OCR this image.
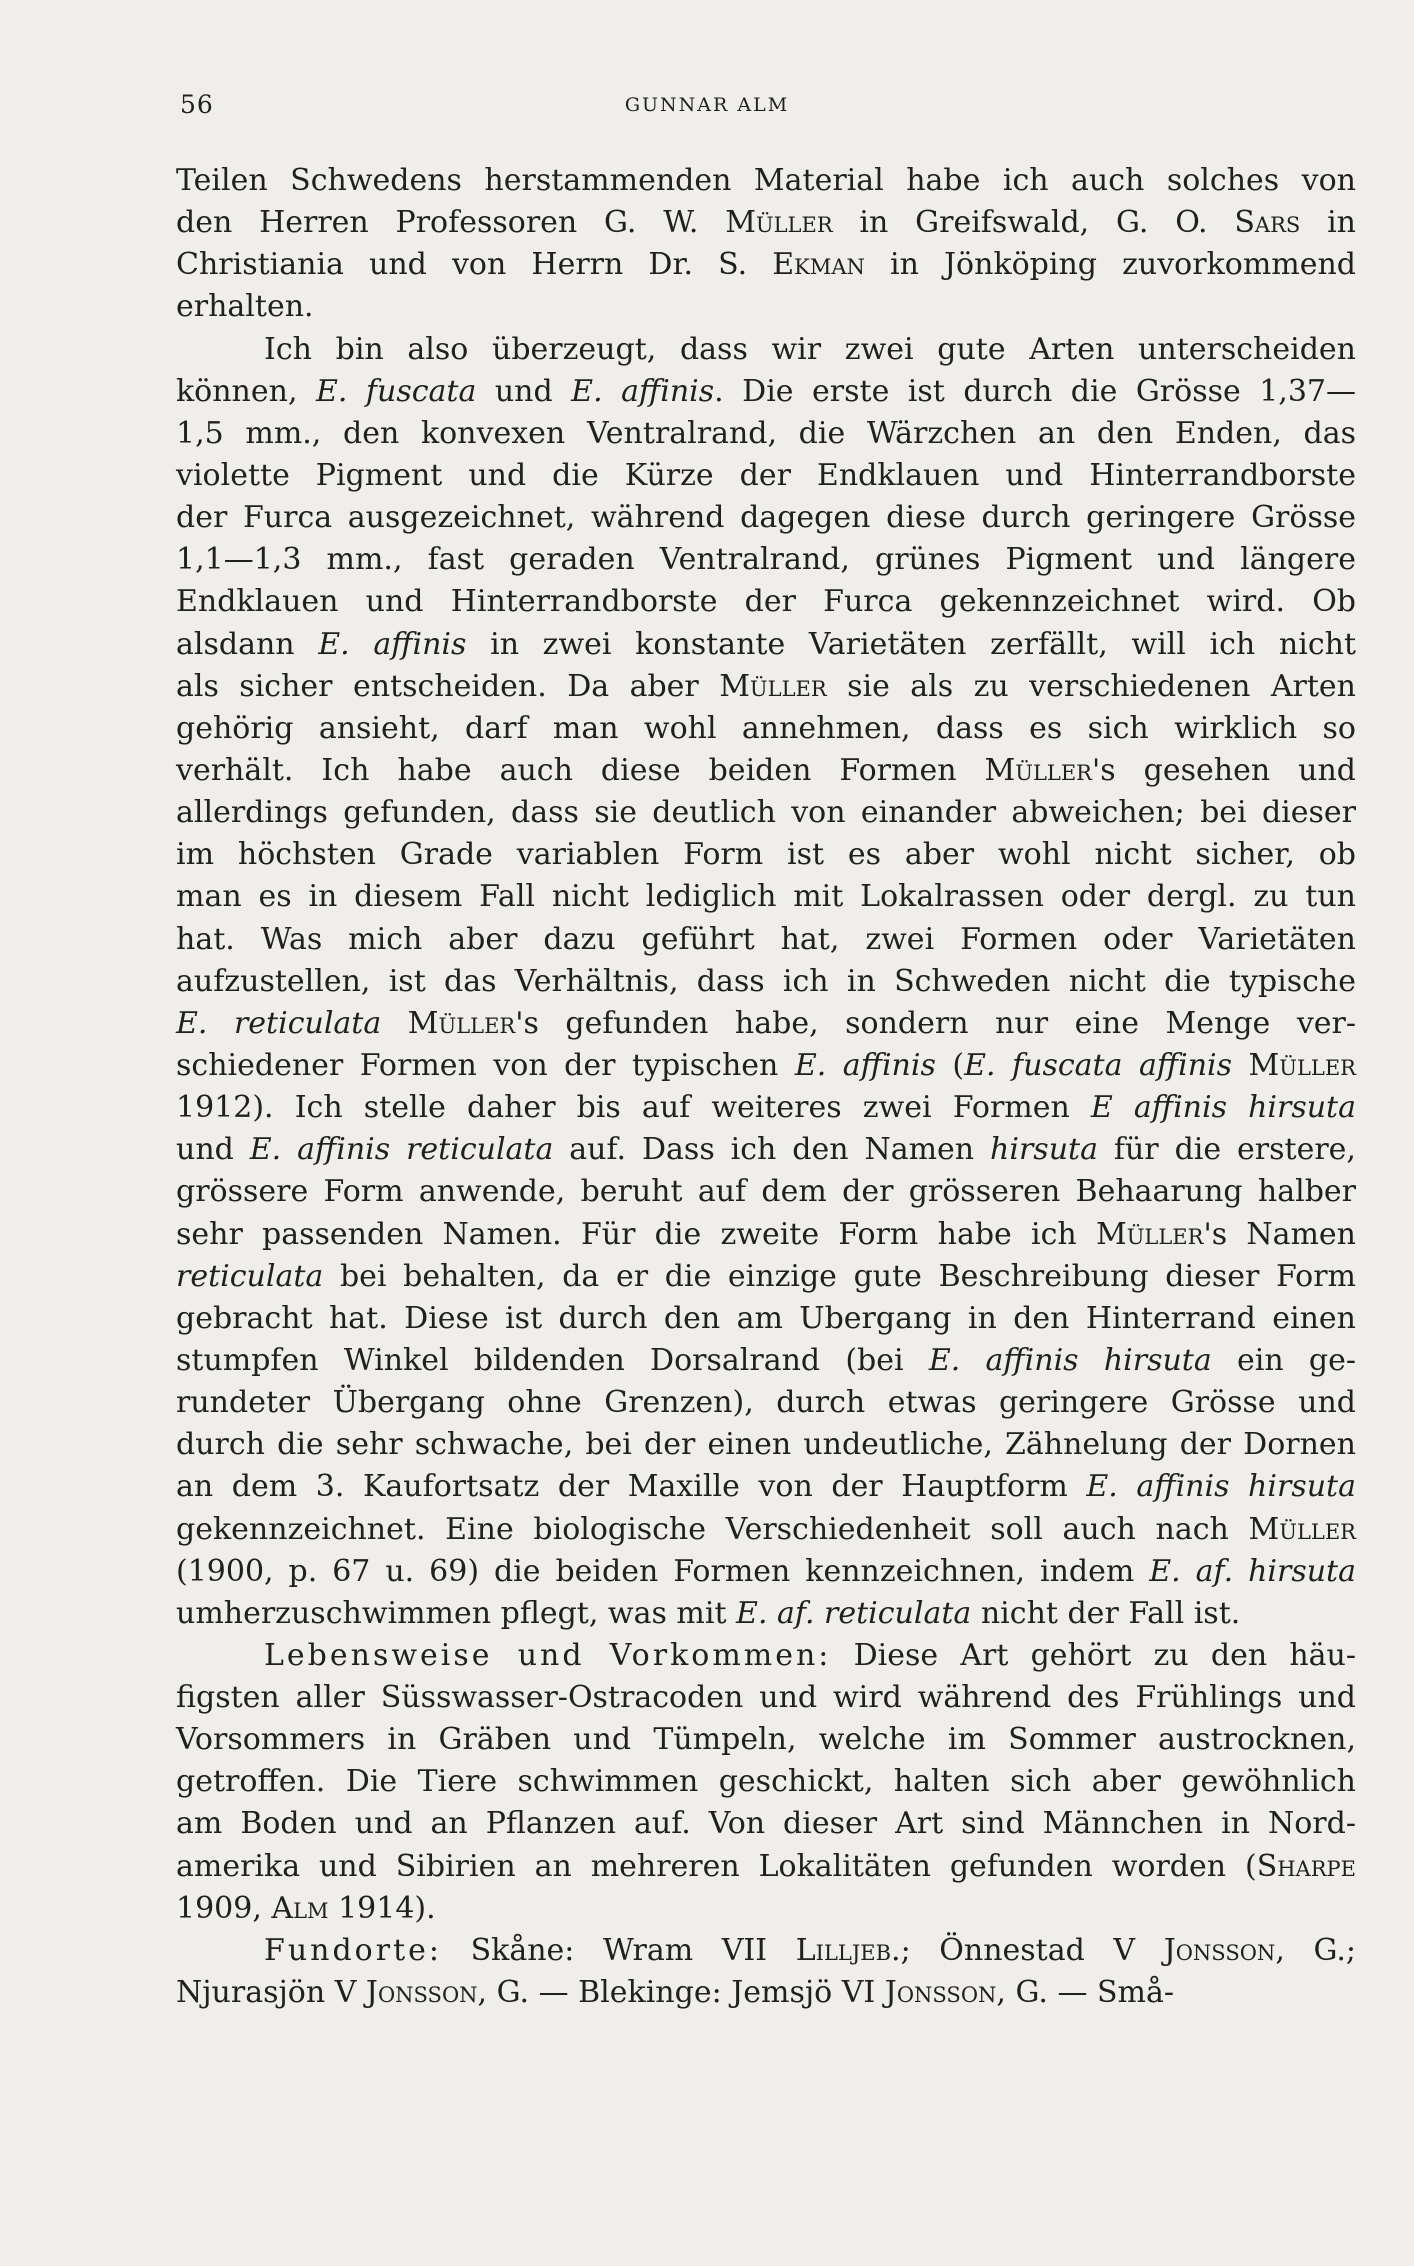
56	GUNNAR ALM
Teilen Schwedens herstammenden Material habe ich auch solches von
den Herren Professoren G. W. Müller in Greifswald, G. O. Sars in
Christiania und von Herrn Dr. S. Ekman in Jönköping zuvorkommend
erhalten.
Ich bin also überzeugt, dass wir zwei gute Arten unterscheiden
können, E. fuscata und E. affinis. Die erste ist durch die Grösse 1,37—
1,5 mm., den konvexen Ventralrand, die Wärzchen an den Enden, das
violette Pigment und die Kürze der Endklauen und Hinterrandborste
der Furca ausgezeichnet, während dagegen diese durch geringere Grösse
1,1—1,3 mm., fast geraden Ventralrand, grünes Pigment und längere
Endklauen und Hinterrandborste der Furca gekennzeichnet wird. Ob
alsdann E. affinis in zwei konstante Varietäten zerfällt, will ich nicht
als sicher entscheiden. Da aber Müller sie als zu verschiedenen Arten
gehörig ansieht, darf man wohl annehmen, dass es sich wirklich so
verhält. Ich habe auch diese beiden Formen Müller's gesehen und
allerdings gefunden, dass sie deutlich von einander abweichen; bei dieser
im höchsten Grade variablen Form ist es aber wohl nicht sicher, ob
man es in diesem Fall nicht lediglich mit Lokalrassen oder dergl. zu tun
hat. Was mich aber dazu geführt hat, zwei Formen oder Varietäten
aufzustellen, ist das Verhältnis, dass ich in Schweden nicht die typische
E. reticulata Müller's gefunden habe, sondern nur eine Menge ver-
schiedener Formen von der typischen E. affinis (E. fuscata affinis Müller
1912). Ich stelle daher bis auf weiteres zwei Formen E affinis hirsuta
und E. affinis reticulata auf. Dass ich den Namen hirsuta für die erstere,
grössere Form anwende, beruht auf dem der grösseren Behaarung halber
sehr passenden Namen. Für die zweite Form habe ich Müller's Namen
reticulata bei behalten, da er die einzige gute Beschreibung dieser Form
gebracht hat. Diese ist durch den am Ubergang in den Hinterrand einen
stumpfen Winkel bildenden Dorsalrand (bei E. affinis hirsuta ein ge-
rundeter Übergang ohne Grenzen), durch etwas geringere Grösse und
durch die sehr schwache, bei der einen undeutliche, Zähnelung der Dornen
an dem 3. Kaufortsatz der Maxille von der Hauptform E. affinis hirsuta
gekennzeichnet. Eine biologische Verschiedenheit soll auch nach Müller
(1900, p. 67 u. 69) die beiden Formen kennzeichnen, indem E. af. hirsuta
umherzuschwimmen pflegt, was mit E. af. reticulata nicht der Fall ist.
Lebensweise und Vorkommen: Diese Art gehört zu den häu-
figsten aller Süsswasser-Ostracoden und wird während des Frühlings und
Vorsommers in Gräben und Tümpeln, welche im Sommer austrocknen,
getroffen. Die Tiere schwimmen geschickt, halten sich aber gewöhnlich
am Boden und an Pflanzen auf. Von dieser Art sind Männchen in Nord-
amerika und Sibirien an mehreren Lokalitäten gefunden worden (Sharpe
1909, Alm 1914).
Fundorte: Skåne: Wram VII Lilljeb.; Önnestad V Jonsson, G.;
Njurasjön V Jonsson, G. — Blekinge: Jemsjö VI Jonsson, G. — Små-
